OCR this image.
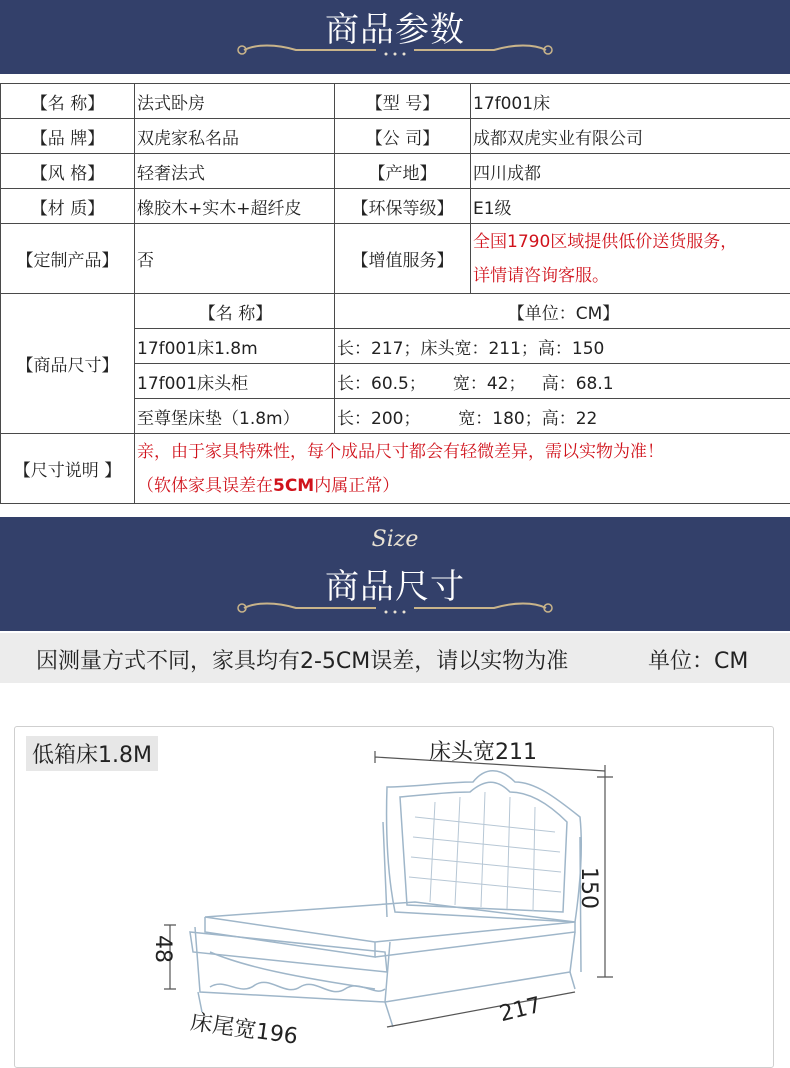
商品参数
【名 称】	法式卧房	【型 号】	17f001床
【品 牌】	双虎家私名品	【公 司】	成都双虎实业有限公司
【风 格】	轻奢法式	【产地】	四川成都
【材 质】	橡胶木+实木+超纤皮	【环保等级】	E1级
【定制产品】	否	【增值服务】	全国1790区域提供低价送货服务，
详情请咨询客服。

【商品尺寸】	【名 称】	【单位：CM】	
	17f001床1.8m	长：217；床头宽：211；高：150	
	17f001床头柜	长：60.5；     宽：42；   高：68.1	
	至尊堡床垫（1.8m）	长：200；       宽：180；高：22	
【尺寸说明 】	亲，由于家具特殊性，每个成品尺寸都会有轻微差异，需以实物为准！
（软体家具误差在5CM内属正常）		
Size
商品尺寸
因测量方式不同，家具均有2-5CM误差，请以实物为准	单位：CM
低箱床1.8M	床头宽211
150
48
床尾宽196	217
